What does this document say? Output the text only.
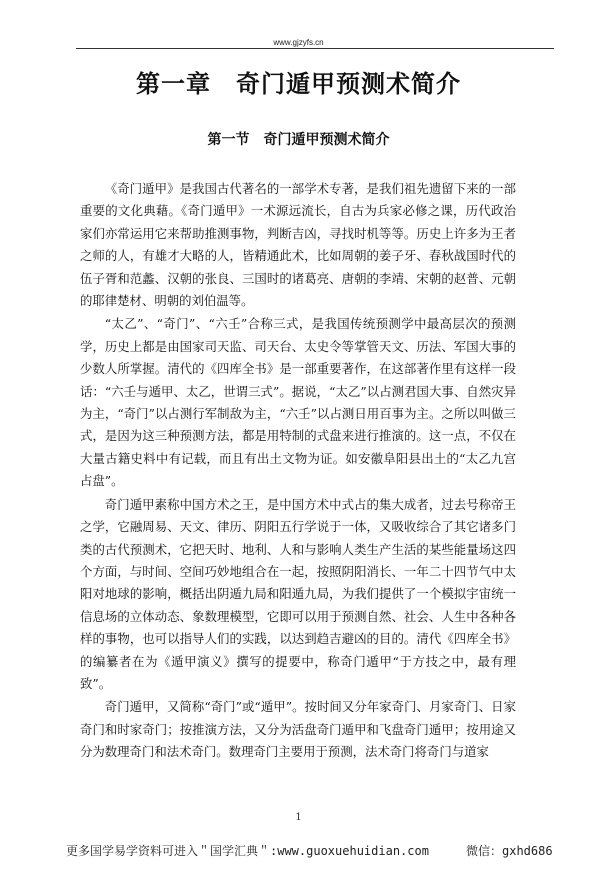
www.gjzyfs.cn
第一章　奇门遁甲预测术简介
第一节　奇门遁甲预测术简介

《奇门遁甲》是我国古代著名的一部学术专著，是我们祖先遗留下来的一部重要的文化典藉。《奇门遁甲》一术源远流长，自古为兵家必修之课，历代政治家们亦常运用它来帮助推测事物，判断吉凶，寻找时机等等。历史上许多为王者之师的人，有雄才大略的人，皆精通此术，比如周朝的姜子牙、春秋战国时代的伍子胥和范蠡、汉朝的张良、三国时的诸葛亮、唐朝的李靖、宋朝的赵普、元朝的耶律楚材、明朝的刘伯温等。

“太乙”、“奇门”、“六壬”合称三式，是我国传统预测学中最高层次的预测学，历史上都是由国家司天监、司天台、太史令等掌管天文、历法、军国大事的少数人所掌握。清代的《四库全书》是一部重要著作，在这部著作里有这样一段话：“六壬与遁甲、太乙，世谓三式”。据说，“太乙”以占测君国大事、自然灾异为主，“奇门”以占测行军制敌为主，“六壬”以占测日用百事为主。之所以叫做三式，是因为这三种预测方法，都是用特制的式盘来进行推演的。这一点，不仅在大量古籍史料中有记载，而且有出土文物为证。如安徽阜阳县出土的“太乙九宫占盘”。

奇门遁甲素称中国方术之王，是中国方术中式占的集大成者，过去号称帝王之学，它融周易、天文、律历、阴阳五行学说于一体，又吸收综合了其它诸多门类的古代预测术，它把天时、地利、人和与影响人类生产生活的某些能量场这四个方面，与时间、空间巧妙地组合在一起，按照阴阳消长、一年二十四节气中太阳对地球的影响，概括出阴遁九局和阳遁九局，为我们提供了一个模拟宇宙统一信息场的立体动态、象数理模型，它即可以用于预测自然、社会、人生中各种各样的事物，也可以指导人们的实践，以达到趋吉避凶的目的。清代《四库全书》的编纂者在为《遁甲演义》撰写的提要中，称奇门遁甲“于方技之中，最有理致”。

奇门遁甲，又简称“奇门”或“遁甲”。按时间又分年家奇门、月家奇门、日家奇门和时家奇门；按推演方法，又分为活盘奇门遁甲和飞盘奇门遁甲；按用途又分为数理奇门和法术奇门。数理奇门主要用于预测，法术奇门将奇门与道家

1
更多国学易学资料可进入＂国学汇典＂:www.guoxuehuidian.com	微信：gxhd686
